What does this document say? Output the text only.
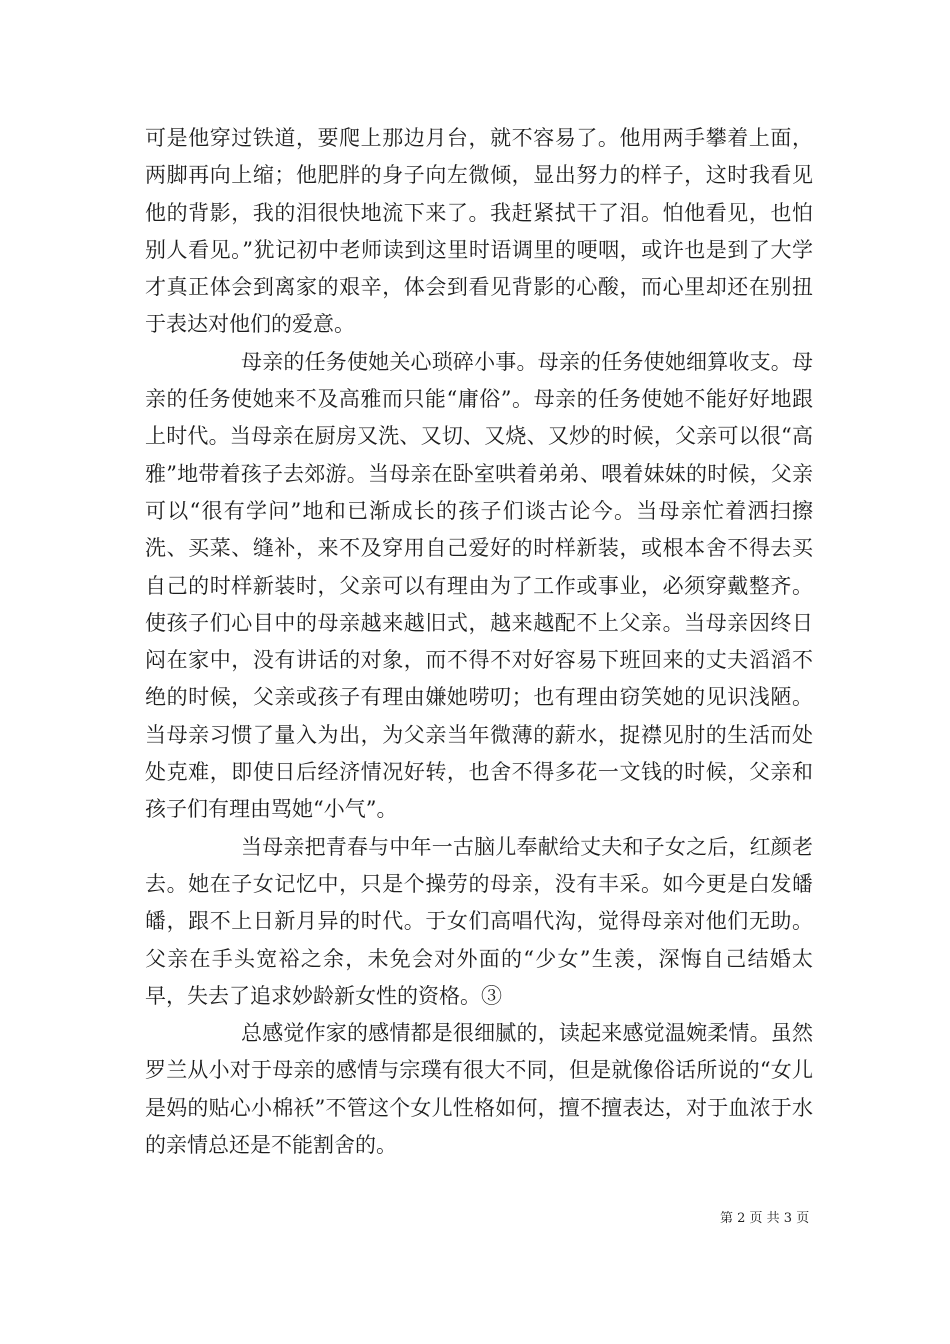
可是他穿过铁道，要爬上那边月台，就不容易了。他用两手攀着上面，两脚再向上缩；他肥胖的身子向左微倾，显出努力的样子，这时我看见他的背影，我的泪很快地流下来了。我赶紧拭干了泪。怕他看见，也怕别人看见。”犹记初中老师读到这里时语调里的哽咽，或许也是到了大学才真正体会到离家的艰辛，体会到看见背影的心酸，而心里却还在别扭于表达对他们的爱意。

母亲的任务使她关心琐碎小事。母亲的任务使她细算收支。母亲的任务使她来不及高雅而只能“庸俗”。母亲的任务使她不能好好地跟上时代。当母亲在厨房又洗、又切、又烧、又炒的时候，父亲可以很“高雅”地带着孩子去郊游。当母亲在卧室哄着弟弟、喂着妹妹的时候，父亲可以“很有学问”地和已渐成长的孩子们谈古论今。当母亲忙着洒扫擦洗、买菜、缝补，来不及穿用自己爱好的时样新装，或根本舍不得去买自己的时样新装时，父亲可以有理由为了工作或事业，必须穿戴整齐。使孩子们心目中的母亲越来越旧式，越来越配不上父亲。当母亲因终日闷在家中，没有讲话的对象，而不得不对好容易下班回来的丈夫滔滔不绝的时候，父亲或孩子有理由嫌她唠叨；也有理由窃笑她的见识浅陋。当母亲习惯了量入为出，为父亲当年微薄的薪水，捉襟见肘的生活而处处克难，即使日后经济情况好转，也舍不得多花一文钱的时候，父亲和孩子们有理由骂她“小气”。

当母亲把青春与中年一古脑儿奉献给丈夫和子女之后，红颜老去。她在子女记忆中，只是个操劳的母亲，没有丰采。如今更是白发皤皤，跟不上日新月异的时代。于女们高唱代沟，觉得母亲对他们无助。父亲在手头宽裕之余，未免会对外面的“少女”生羡，深悔自己结婚太早，失去了追求妙龄新女性的资格。③

总感觉作家的感情都是很细腻的，读起来感觉温婉柔情。虽然罗兰从小对于母亲的感情与宗璞有很大不同，但是就像俗话所说的“女儿是妈的贴心小棉袄”不管这个女儿性格如何，擅不擅表达，对于血浓于水的亲情总还是不能割舍的。

第 2 页 共 3 页
